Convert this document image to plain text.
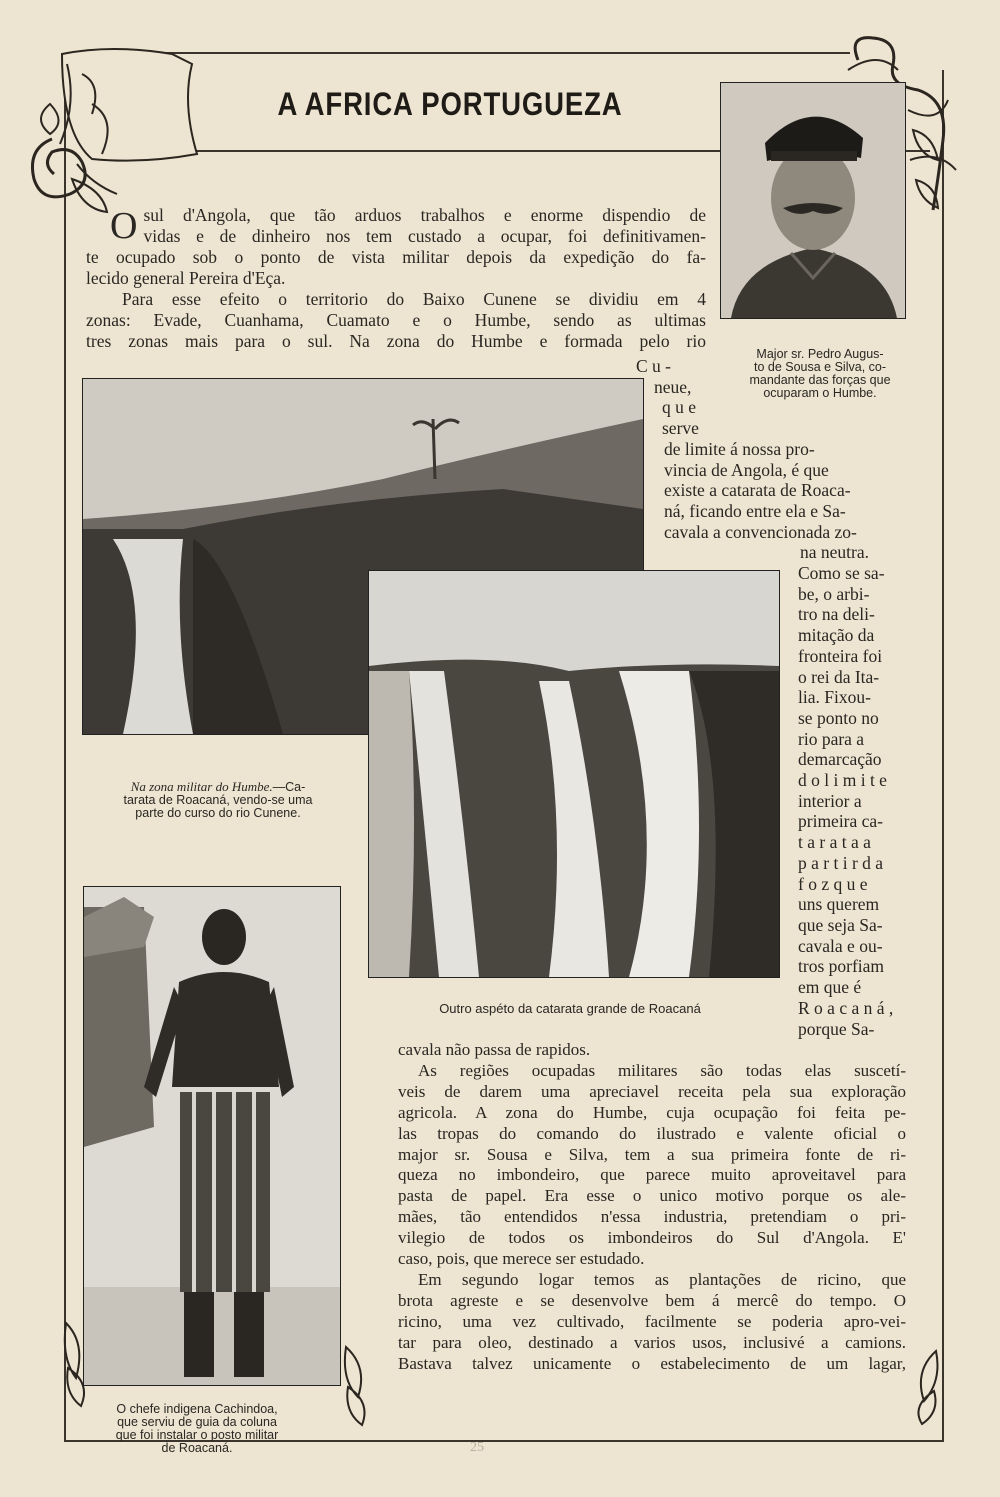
A AFRICA PORTUGUEZA
Major sr. Pedro Augus-
to de Sousa e Silva, co-
mandante das forças que
ocuparam o Humbe.
O sul d'Angola, que tão arduos trabalhos e enorme dispendio de
vidas e de dinheiro nos tem custado a ocupar, foi definitivamen-
te ocupado sob o ponto de vista militar depois da expedição do fa-
lecido general Pereira d'Eça.
Para esse efeito o territorio do Baixo Cunene se dividiu em 4
zonas: Evade, Cuanhama, Cuamato e o Humbe, sendo as ultimas
tres zonas mais para o sul. Na zona do Humbe e formada pelo rio
Na zona militar do Humbe.—Ca-
tarata de Roacaná, vendo-se uma
parte do curso do rio Cunene.
C u -
neue,
q u e
serve
de limite á nossa pro-
vincia de Angola, é que
existe a catarata de Roaca-
ná, ficando entre ela e Sa-
cavala a convencionada zo-
na neutra.
Como se sa-
be, o arbi-
tro na deli-
mitação da
fronteira foi
o rei da Ita-
lia. Fixou-
se ponto no
rio para a
demarcação
d o l i m i t e
interior a
primeira ca-
t a r a t a a
p a r t i r d a
f o z q u e
uns querem
que seja Sa-
cavala e ou-
tros porfiam
em que é
R o a c a n á ,
porque Sa-
Outro aspéto da catarata grande de Roacaná
O chefe indigena Cachindoa,
que serviu de guia da coluna
que foi instalar o posto militar
de Roacaná.
cavala não passa de rapidos.
As regiões ocupadas militares são todas elas suscetí-
veis de darem uma apreciavel receita pela sua exploração
agricola. A zona do Humbe, cuja ocupação foi feita pe-
las tropas do comando do ilustrado e valente oficial o
major sr. Sousa e Silva, tem a sua primeira fonte de ri-
queza no imbondeiro, que parece muito aproveitavel para
pasta de papel. Era esse o unico motivo porque os ale-
mães, tão entendidos n'essa industria, pretendiam o pri-
vilegio de todos os imbondeiros do Sul d'Angola. E'
caso, pois, que merece ser estudado.
Em segundo logar temos as plantações de ricino, que
brota agreste e se desenvolve bem á mercê do tempo. O
ricino, uma vez cultivado, facilmente se poderia apro-vei-
tar para oleo, destinado a varios usos, inclusivé a camions.
Bastava talvez unicamente o estabelecimento de um lagar,
25
